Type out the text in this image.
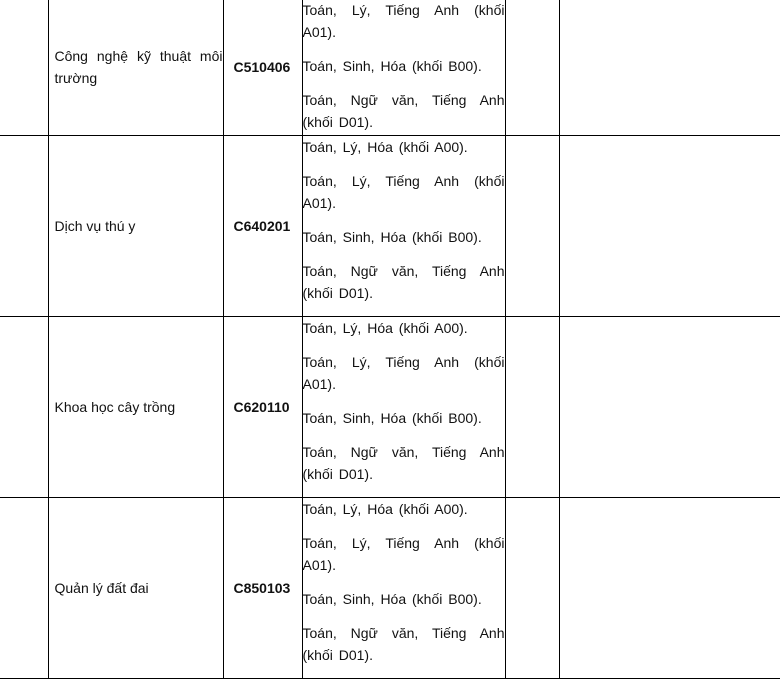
	Công nghệ kỹ thuật môi trường	C510406	Toán, Lý, Tiếng Anh (khối A01).
Toán, Sinh, Hóa (khối B00).
Toán, Ngữ văn, Tiếng Anh (khối D01).		

	Dịch vụ thú y	C640201	Toán, Lý, Hóa (khối A00).
Toán, Lý, Tiếng Anh (khối A01).
Toán, Sinh, Hóa (khối B00).
Toán, Ngữ văn, Tiếng Anh (khối D01).		

	Khoa học cây trồng	C620110	Toán, Lý, Hóa (khối A00).
Toán, Lý, Tiếng Anh (khối A01).
Toán, Sinh, Hóa (khối B00).
Toán, Ngữ văn, Tiếng Anh (khối D01).		

	Quản lý đất đai	C850103	Toán, Lý, Hóa (khối A00).
Toán, Lý, Tiếng Anh (khối A01).
Toán, Sinh, Hóa (khối B00).
Toán, Ngữ văn, Tiếng Anh (khối D01).		
